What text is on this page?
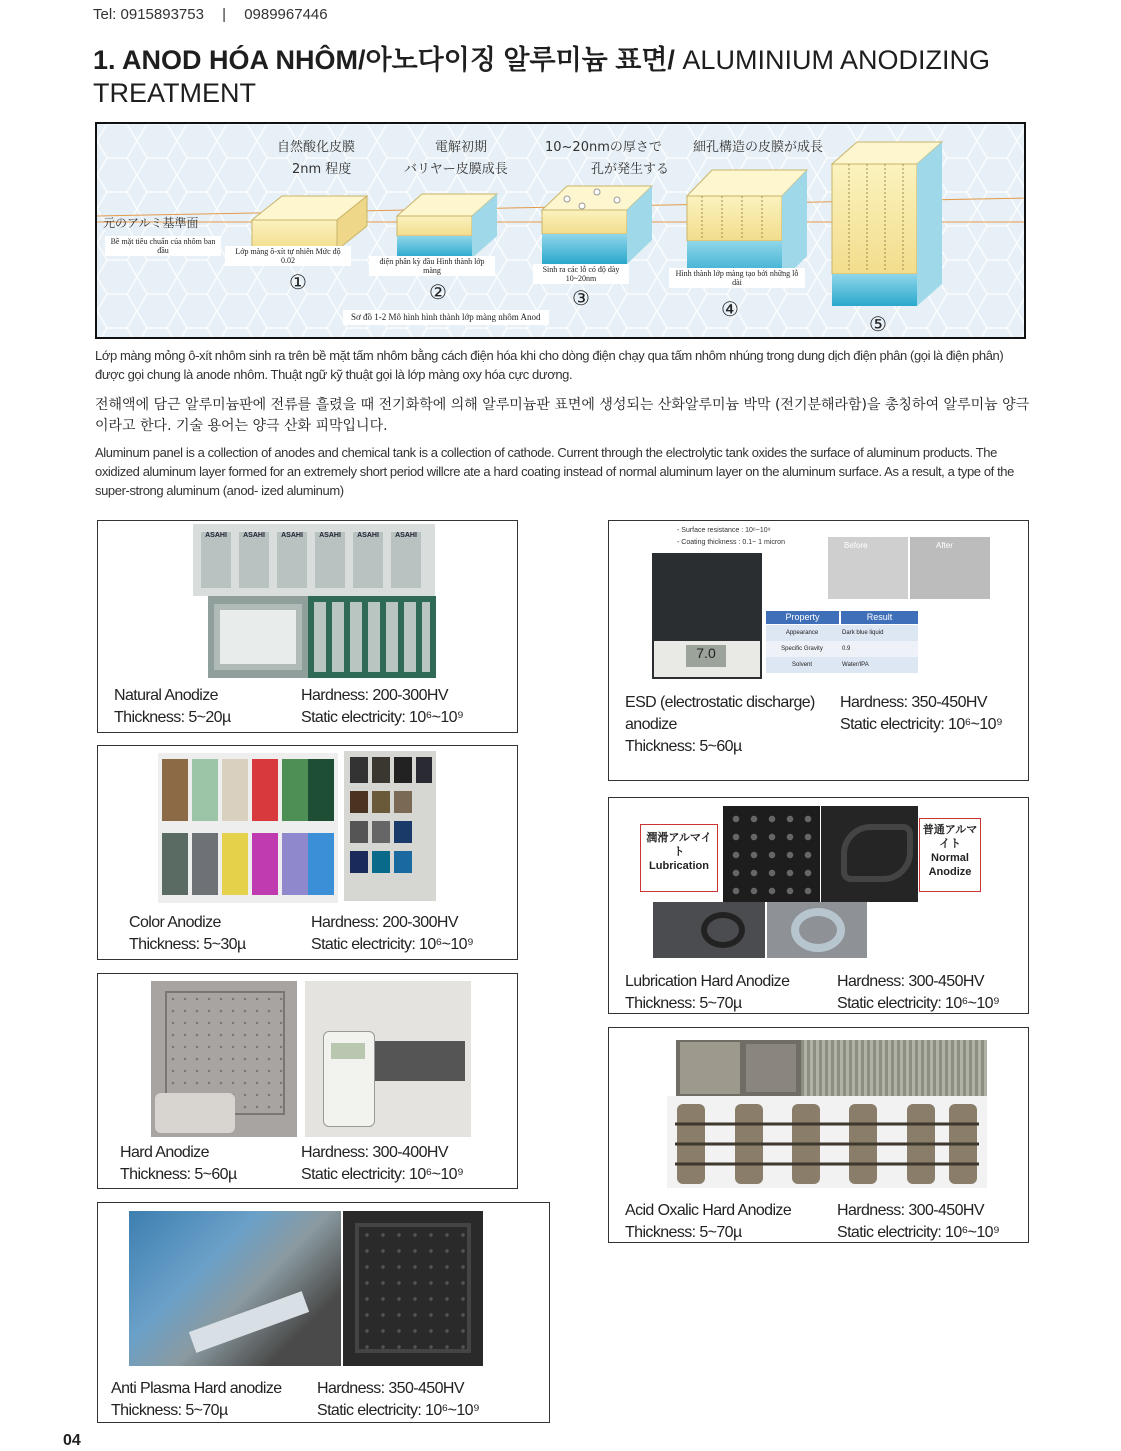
Tel: 0915893753 | 0989967446
1. ANOD HÓA NHÔM/아노다이징 알루미늄 표면/ ALUMINIUM ANODIZING TREATMENT
自然酸化皮膜	電解初期	10~20nmの厚さで 細孔構造の皮膜が成長
2nm 程度	バリヤー皮膜成長	孔が発生する
元のアルミ基準面
Bề mặt tiêu chuẩn của nhôm ban đầu	Lớp màng ô-xít tự nhiên Mức độ 0.02	điện phân kỳ đầu Hình thành lớp màng	Sinh ra các lỗ có độ dày 10~20nm
Hình thành lớp màng tạo bởi những lỗ dài
①	②	③	④
⑤
Sơ đồ 1-2 Mô hình hình thành lớp màng nhôm Anod
Lớp màng mỏng ô-xít nhôm sinh ra trên bề mặt tấm nhôm bằng cách điện hóa khi cho dòng điện chạy qua tấm nhôm nhúng trong dung dịch điện phân (gọi là điện phân) được gọi chung là anode nhôm. Thuật ngữ kỹ thuật gọi là lớp màng oxy hóa cực dương.
전해액에 담근 알루미늄판에 전류를 흘렸을 때 전기화학에 의해 알루미늄판 표면에 생성되는 산화알루미늄 박막 (전기분해라함)을 총칭하여 알루미늄 양극이라고 한다. 기술 용어는 양극 산화 피막입니다.
Aluminum panel is a collection of anodes and chemical tank is a collection of cathode. Current through the electrolytic tank oxides the surface of aluminum products. The oxidized aluminum layer formed for an extremely short period willcre ate a hard coating instead of normal aluminum layer on the aluminum surface. As a result, a type of the super-strong aluminum (anod- ized aluminum)
ASAHI	ASAHI	ASAHI	ASAHI	ASAHI	ASAHI
Natural Anodize
Thickness: 5~20µ
Hardness: 200-300HV
Static electricity: 10⁶~10⁹
Color Anodize
Thickness: 5~30µ
Hardness: 200-300HV
Static electricity: 10⁶~10⁹
Hard Anodize
Thickness: 5~60µ
Hardness: 300-400HV
Static electricity: 10⁶~10⁹
Anti Plasma Hard anodize
Thickness: 5~70µ
Hardness: 350-450HV
Static electricity: 10⁶~10⁹
- Surface resistance : 10⁶~10⁹
- Coating thickness : 0.1~ 1 micron
7.0
Before	After
Property	Result
Appearance	Dark blue liquid
Specific Gravity	0.9
Solvent	Water/IPA
ESD (electrostatic discharge)
anodize
Thickness: 5~60µ
Hardness: 350-450HV
Static electricity: 10⁶~10⁹
潤滑アルマイト
Lubrication
普通アルマイト
Normal Anodize
Lubrication Hard Anodize
Thickness: 5~70µ
Hardness: 300-450HV
Static electricity: 10⁶~10⁹
Acid Oxalic Hard Anodize
Thickness: 5~70µ
Hardness: 300-450HV
Static electricity: 10⁶~10⁹
04
